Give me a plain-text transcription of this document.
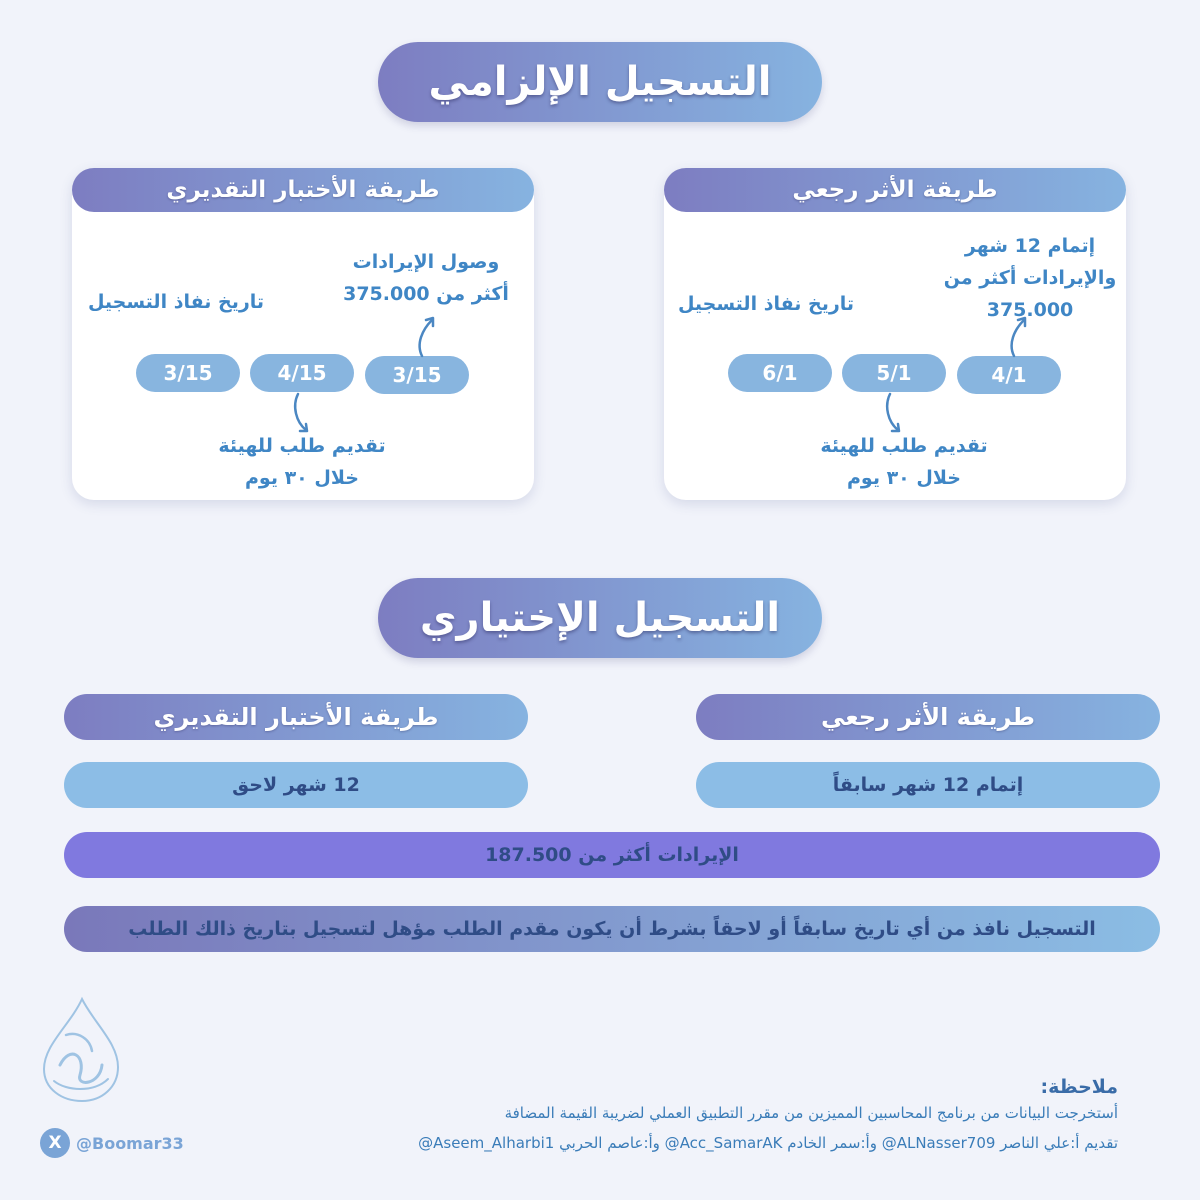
التسجيل الإلزامي
طريقة الأثر رجعي
إتمام 12 شهر والإيرادات أكثر من 375.000
تاريخ نفاذ التسجيل
4/1
5/1
6/1
تقديم طلب للهيئة خلال ٣٠ يوم
طريقة الأختبار التقديري
وصول الإيرادات أكثر من 375.000
تاريخ نفاذ التسجيل
3/15
4/15
3/15
تقديم طلب للهيئة خلال ٣٠ يوم
التسجيل الإختياري
طريقة الأثر رجعي
طريقة الأختبار التقديري
إتمام 12 شهر سابقاً
12 شهر لاحق
الإيرادات أكثر من 187.500
التسجيل نافذ من أي تاريخ سابقاً أو لاحقاً بشرط أن يكون مقدم الطلب مؤهل لتسجيل بتاريخ ذالك الطلب
X @Boomar33
ملاحظة:
أستخرجت البيانات من برنامج المحاسبين المميزين من مقرر التطبيق العملي لضريبة القيمة المضافة
تقديم أ:علي الناصر ALNasser709@ وأ:سمر الخادم Acc_SamarAK@ وأ:عاصم الحربي Aseem_Alharbi1@
